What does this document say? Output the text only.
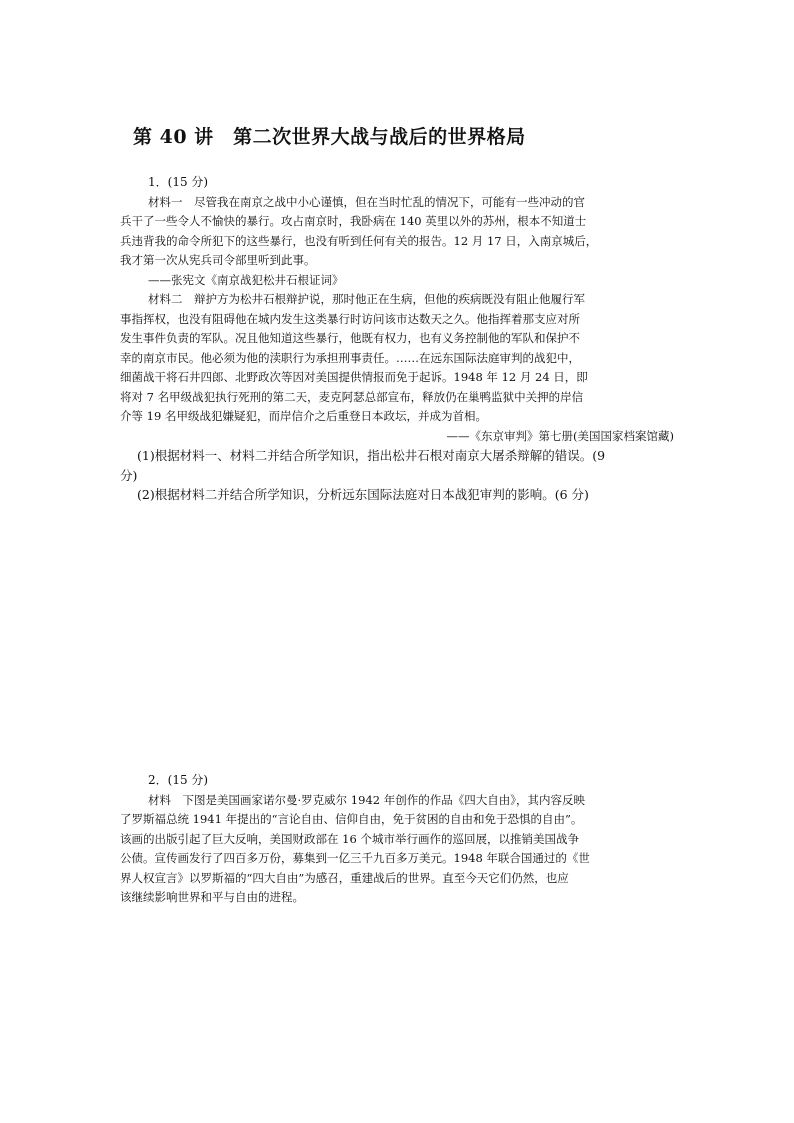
第 40 讲　第二次世界大战与战后的世界格局
1．(15 分)
材料一　尽管我在南京之战中小心谨慎，但在当时忙乱的情况下，可能有一些冲动的官
兵干了一些令人不愉快的暴行。攻占南京时，我卧病在 140 英里以外的苏州，根本不知道士
兵违背我的命令所犯下的这些暴行，也没有听到任何有关的报告。12 月 17 日，入南京城后，
我才第一次从宪兵司令部里听到此事。
——张宪文《南京战犯松井石根证词》
材料二　辩护方为松井石根辩护说，那时他正在生病，但他的疾病既没有阻止他履行军
事指挥权，也没有阻碍他在城内发生这类暴行时访问该市达数天之久。他指挥着那支应对所
发生事件负责的军队。况且他知道这些暴行，他既有权力，也有义务控制他的军队和保护不
幸的南京市民。他必须为他的渎职行为承担刑事责任。……在远东国际法庭审判的战犯中，
细菌战干将石井四郎、北野政次等因对美国提供情报而免于起诉。1948 年 12 月 24 日，即
将对 7 名甲级战犯执行死刑的第二天，麦克阿瑟总部宣布，释放仍在巢鸭监狱中关押的岸信
介等 19 名甲级战犯嫌疑犯，而岸信介之后重登日本政坛，并成为首相。
——《东京审判》第七册(美国国家档案馆藏)
(1)根据材料一、材料二并结合所学知识，指出松井石根对南京大屠杀辩解的错误。(9
分)
(2)根据材料二并结合所学知识，分析远东国际法庭对日本战犯审判的影响。(6 分)
2．(15 分)
材料　下图是美国画家诺尔曼·罗克威尔 1942 年创作的作品《四大自由》，其内容反映
了罗斯福总统 1941 年提出的“言论自由、信仰自由，免于贫困的自由和免于恐惧的自由”。
该画的出版引起了巨大反响，美国财政部在 16 个城市举行画作的巡回展，以推销美国战争
公债。宣传画发行了四百多万份，募集到一亿三千九百多万美元。1948 年联合国通过的《世
界人权宣言》以罗斯福的“四大自由”为感召，重建战后的世界。直至今天它们仍然，也应
该继续影响世界和平与自由的进程。
